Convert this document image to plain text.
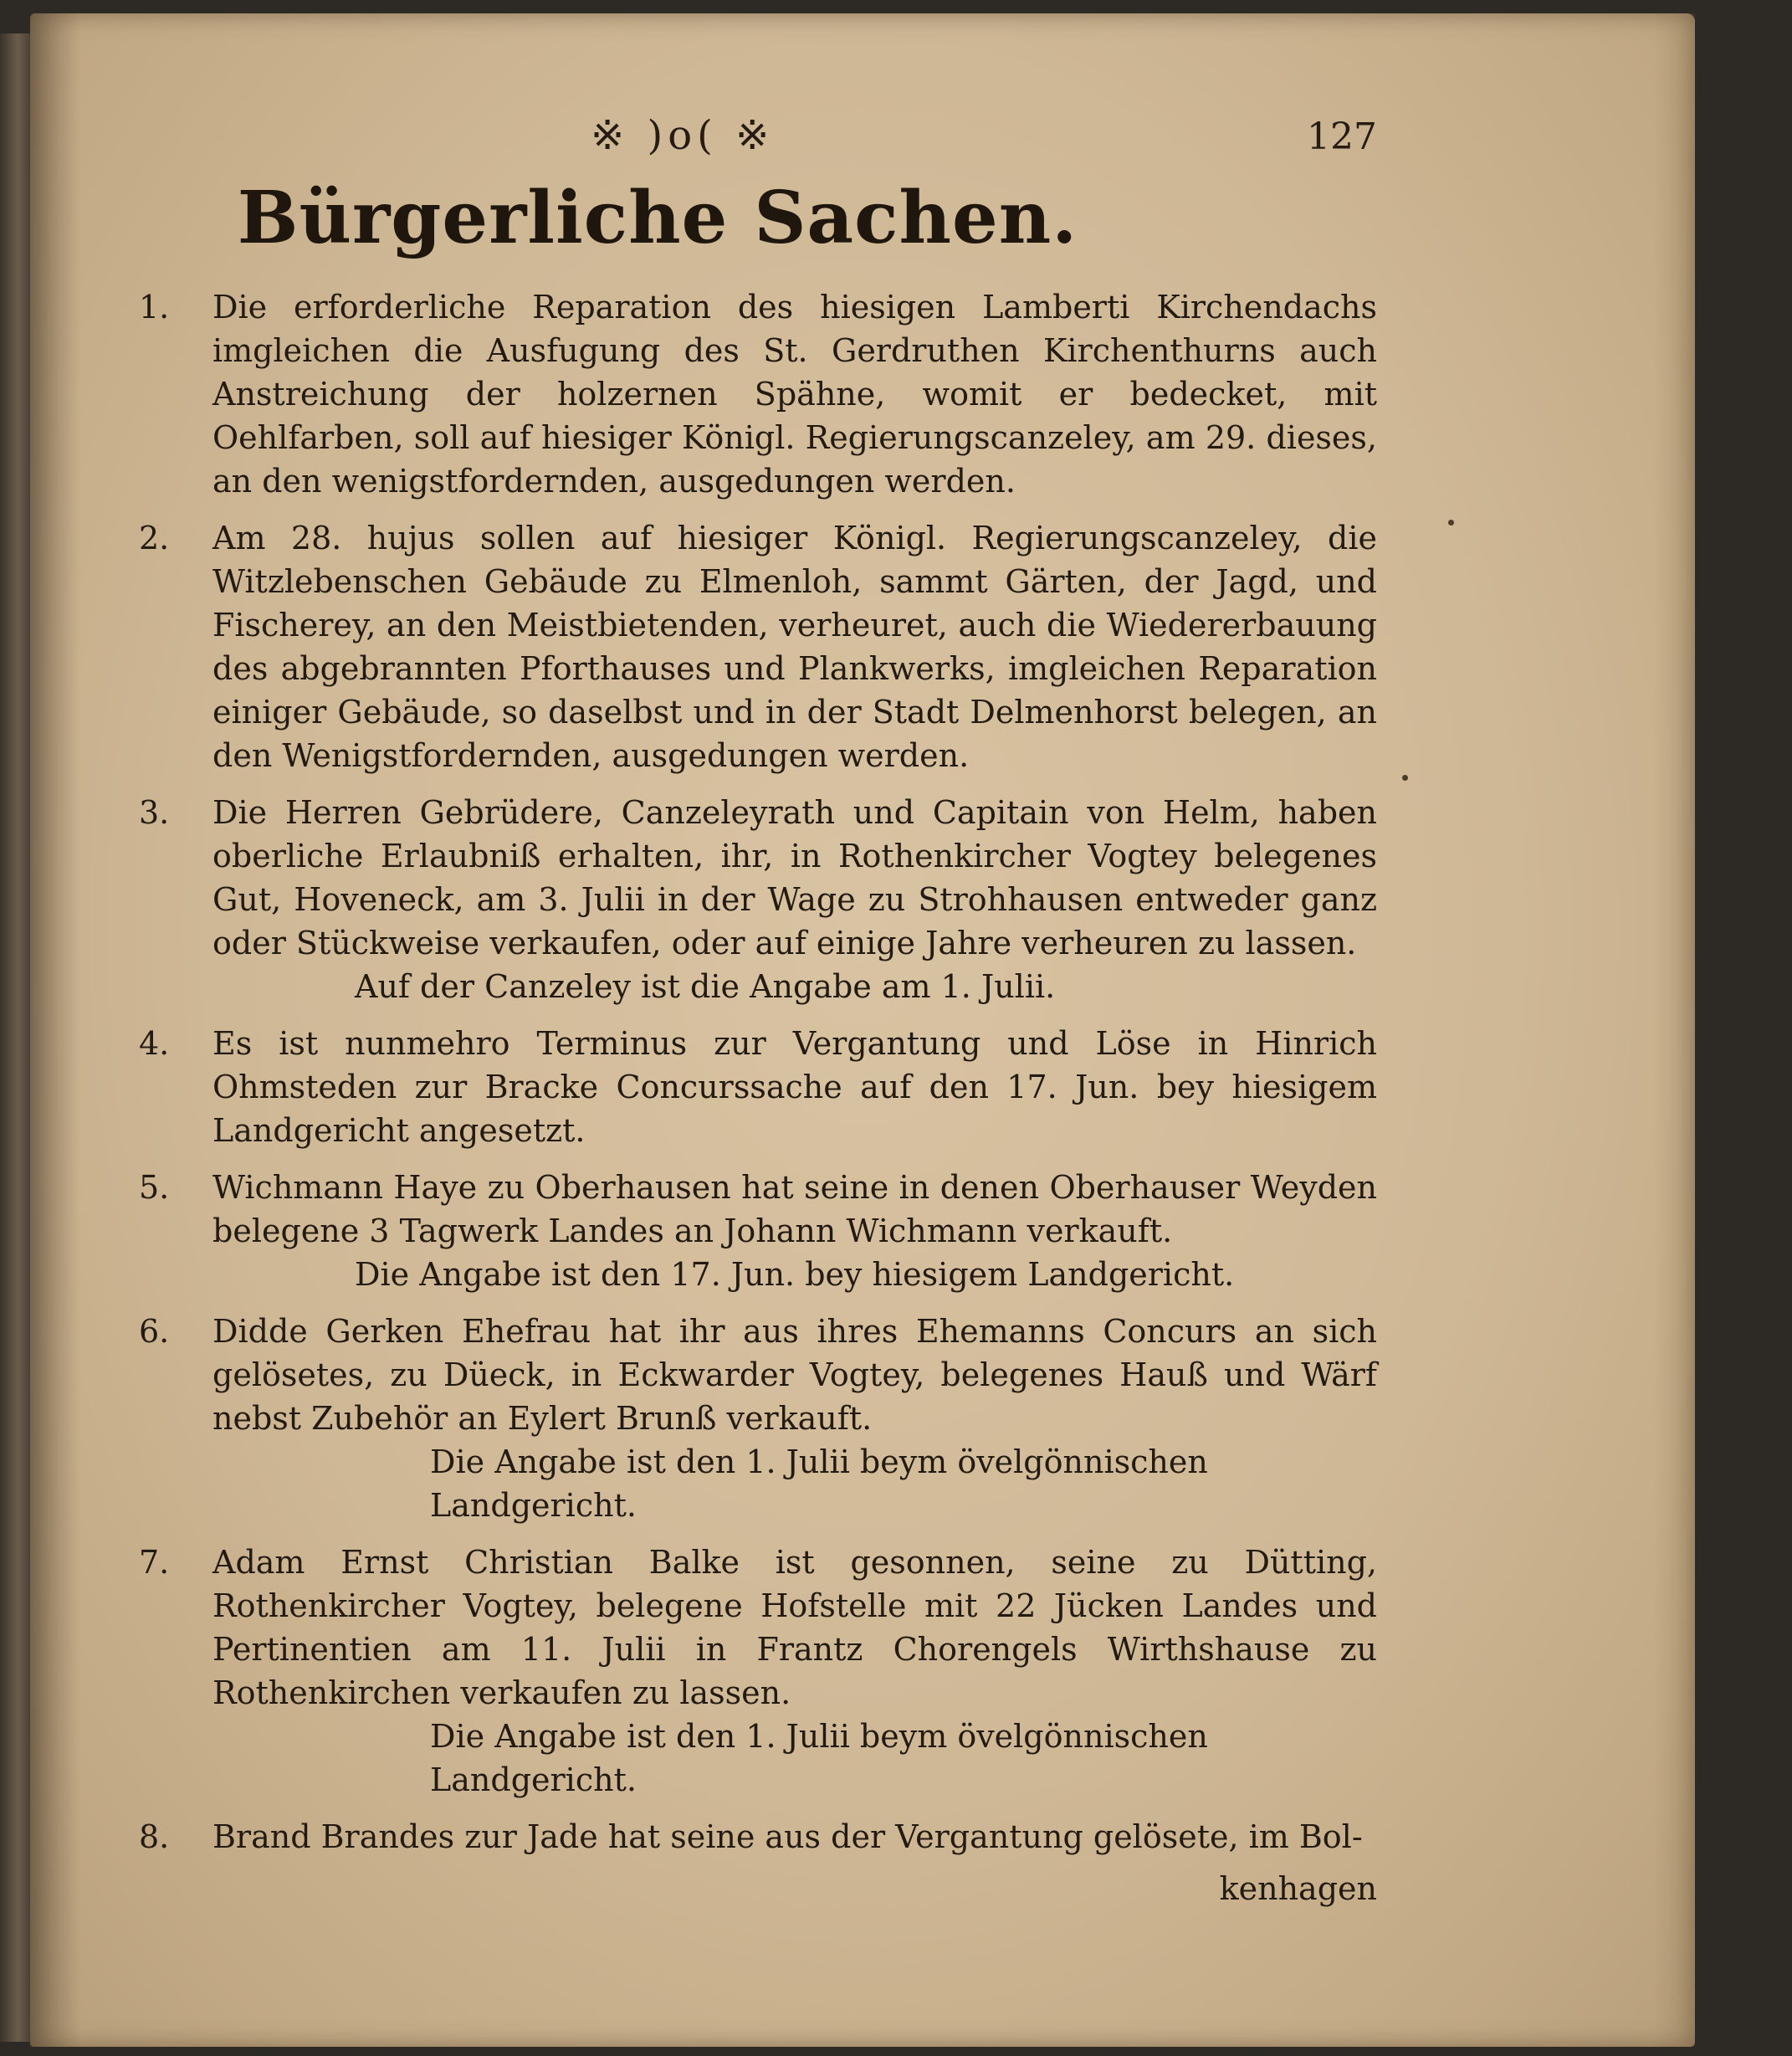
※ )o( ※	127
Bürgerliche Sachen.
1.	Die erforderliche Reparation des hiesigen Lamberti Kirchendachs imgleichen die Ausfugung des St. Gerdruthen Kirchenthurns auch Anstreichung der holzernen Spähne, womit er bedecket, mit Oehlfarben, soll auf hiesiger Königl. Regierungscanzeley, am 29. dieses, an den wenigstfordernden, ausgedungen werden.
2.	Am 28. hujus sollen auf hiesiger Königl. Regierungscanzeley, die Witzlebenschen Gebäude zu Elmenloh, sammt Gärten, der Jagd, und Fischerey, an den Meistbietenden, verheuret, auch die Wiedererbauung des abgebrannten Pforthauses und Plankwerks, imgleichen Reparation einiger Gebäude, so daselbst und in der Stadt Delmenhorst belegen, an den Wenigstfordernden, ausgedungen werden.
3.	Die Herren Gebrüdere, Canzeleyrath und Capitain von Helm, haben oberliche Erlaubniß erhalten, ihr, in Rothenkircher Vogtey belegenes Gut, Hoveneck, am 3. Julii in der Wage zu Strohhausen entweder ganz oder Stückweise verkaufen, oder auf einige Jahre verheuren zu lassen.
Auf der Canzeley ist die Angabe am 1. Julii.
4.	Es ist nunmehro Terminus zur Vergantung und Löse in Hinrich Ohmsteden zur Bracke Concurssache auf den 17. Jun. bey hiesigem Landgericht angesetzt.
5.	Wichmann Haye zu Oberhausen hat seine in denen Oberhauser Weyden belegene 3 Tagwerk Landes an Johann Wichmann verkauft.
Die Angabe ist den 17. Jun. bey hiesigem Landgericht.
6.	Didde Gerken Ehefrau hat ihr aus ihres Ehemanns Concurs an sich gelösetes, zu Düeck, in Eckwarder Vogtey, belegenes Hauß und Wärf nebst Zubehör an Eylert Brunß verkauft.
Die Angabe ist den 1. Julii beym övelgönnischen Landgericht.
7.	Adam Ernst Christian Balke ist gesonnen, seine zu Dütting, Rothenkircher Vogtey, belegene Hofstelle mit 22 Jücken Landes und Pertinentien am 11. Julii in Frantz Chorengels Wirthshause zu Rothenkirchen verkaufen zu lassen.
Die Angabe ist den 1. Julii beym övelgönnischen Landgericht.
8.	Brand Brandes zur Jade hat seine aus der Vergantung gelösete, im Bol-
kenhagen
